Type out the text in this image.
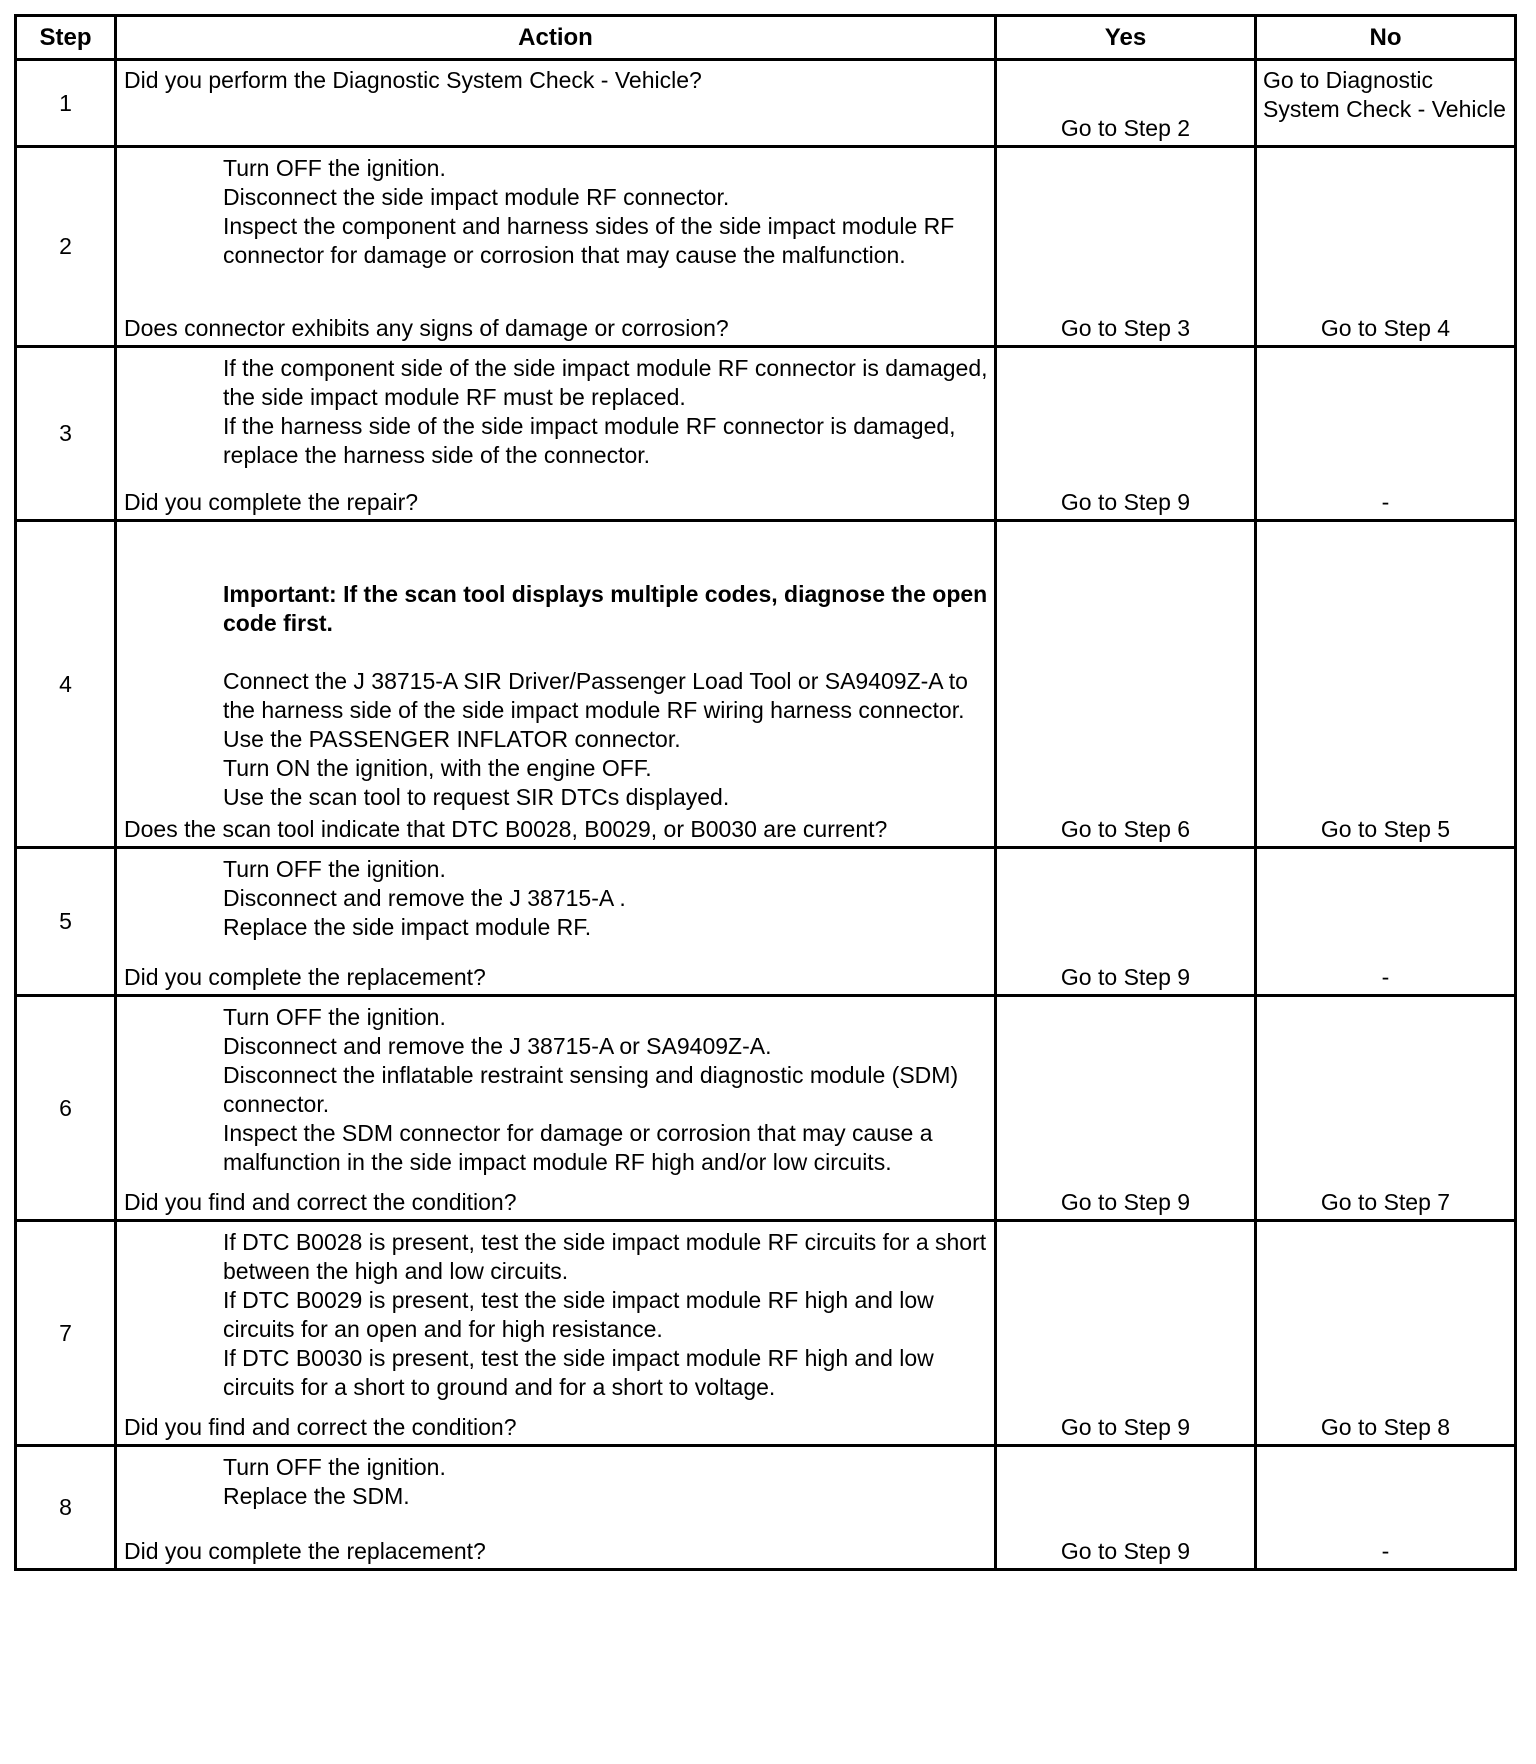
Step	Action	Yes	No
1	Did you perform the Diagnostic System Check - Vehicle?	Go to Step 2	Go to Diagnostic System Check - Vehicle

2	Turn OFF the ignition.
Disconnect the side impact module RF connector.
Inspect the component and harness sides of the side impact module RF connector for damage or corrosion that may cause the malfunction.
Does connector exhibits any signs of damage or corrosion?	Go to Step 3	Go to Step 4

3	If the component side of the side impact module RF connector is damaged, the side impact module RF must be replaced.
If the harness side of the side impact module RF connector is damaged, replace the harness side of the connector.
Did you complete the repair?	Go to Step 9	-

4	Important: If the scan tool displays multiple codes, diagnose the open code first.
Connect the J 38715-A SIR Driver/Passenger Load Tool or SA9409Z-A to the harness side of the side impact module RF wiring harness connector. Use the PASSENGER INFLATOR connector.
Turn ON the ignition, with the engine OFF.
Use the scan tool to request SIR DTCs displayed.
Does the scan tool indicate that DTC B0028, B0029, or B0030 are current?	Go to Step 6	Go to Step 5

5	Turn OFF the ignition.
Disconnect and remove the J 38715-A .
Replace the side impact module RF.
Did you complete the replacement?	Go to Step 9	-

6	Turn OFF the ignition.
Disconnect and remove the J 38715-A or SA9409Z-A.
Disconnect the inflatable restraint sensing and diagnostic module (SDM) connector.
Inspect the SDM connector for damage or corrosion that may cause a malfunction in the side impact module RF high and/or low circuits.
Did you find and correct the condition?	Go to Step 9	Go to Step 7

7	If DTC B0028 is present, test the side impact module RF circuits for a short between the high and low circuits.
If DTC B0029 is present, test the side impact module RF high and low circuits for an open and for high resistance.
If DTC B0030 is present, test the side impact module RF high and low circuits for a short to ground and for a short to voltage.
Did you find and correct the condition?	Go to Step 9	Go to Step 8

8	Turn OFF the ignition.
Replace the SDM.
Did you complete the replacement?	Go to Step 9	-
